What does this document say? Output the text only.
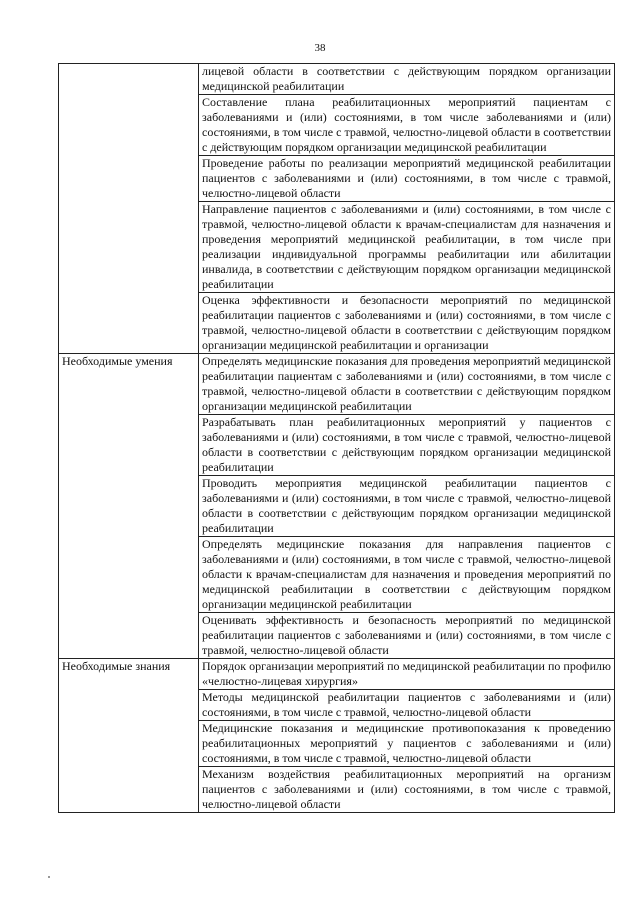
38
	лицевой области в соответствии с действующим порядком организации медицинской реабилитации
	Составление плана реабилитационных мероприятий пациентам с заболеваниями и (или) состояниями, в том числе заболеваниями и (или) состояниями, в том числе с травмой, челюстно-лицевой области в соответствии с действующим порядком организации медицинской реабилитации
	Проведение работы по реализации мероприятий медицинской реабилитации пациентов с заболеваниями и (или) состояниями, в том числе с травмой, челюстно-лицевой области
	Направление пациентов с заболеваниями и (или) состояниями, в том числе с травмой, челюстно-лицевой области к врачам-специалистам для назначения и проведения мероприятий медицинской реабилитации, в том числе при реализации индивидуальной программы реабилитации или абилитации инвалида, в соответствии с действующим порядком организации медицинской реабилитации
	Оценка эффективности и безопасности мероприятий по медицинской реабилитации пациентов с заболеваниями и (или) состояниями, в том числе с травмой, челюстно-лицевой области в соответствии с действующим порядком организации медицинской реабилитации и организации
Необходимые умения	Определять медицинские показания для проведения мероприятий медицинской реабилитации пациентам с заболеваниями и (или) состояниями, в том числе с травмой, челюстно-лицевой области в соответствии с действующим порядком организации медицинской реабилитации
	Разрабатывать план реабилитационных мероприятий у пациентов с заболеваниями и (или) состояниями, в том числе с травмой, челюстно-лицевой области в соответствии с действующим порядком организации медицинской реабилитации
	Проводить мероприятия медицинской реабилитации пациентов с заболеваниями и (или) состояниями, в том числе с травмой, челюстно-лицевой области в соответствии с действующим порядком организации медицинской реабилитации
	Определять медицинские показания для направления пациентов с заболеваниями и (или) состояниями, в том числе с травмой, челюстно-лицевой области к врачам-специалистам для назначения и проведения мероприятий по медицинской реабилитации в соответствии с действующим порядком организации медицинской реабилитации
	Оценивать эффективность и безопасность мероприятий по медицинской реабилитации пациентов с заболеваниями и (или) состояниями, в том числе с травмой, челюстно-лицевой области
Необходимые знания	Порядок организации мероприятий по медицинской реабилитации по профилю «челюстно-лицевая хирургия»
	Методы медицинской реабилитации пациентов с заболеваниями и (или) состояниями, в том числе с травмой, челюстно-лицевой области
	Медицинские показания и медицинские противопоказания к проведению реабилитационных мероприятий у пациентов с заболеваниями и (или) состояниями, в том числе с травмой, челюстно-лицевой области
	Механизм воздействия реабилитационных мероприятий на организм пациентов с заболеваниями и (или) состояниями, в том числе с травмой, челюстно-лицевой области
